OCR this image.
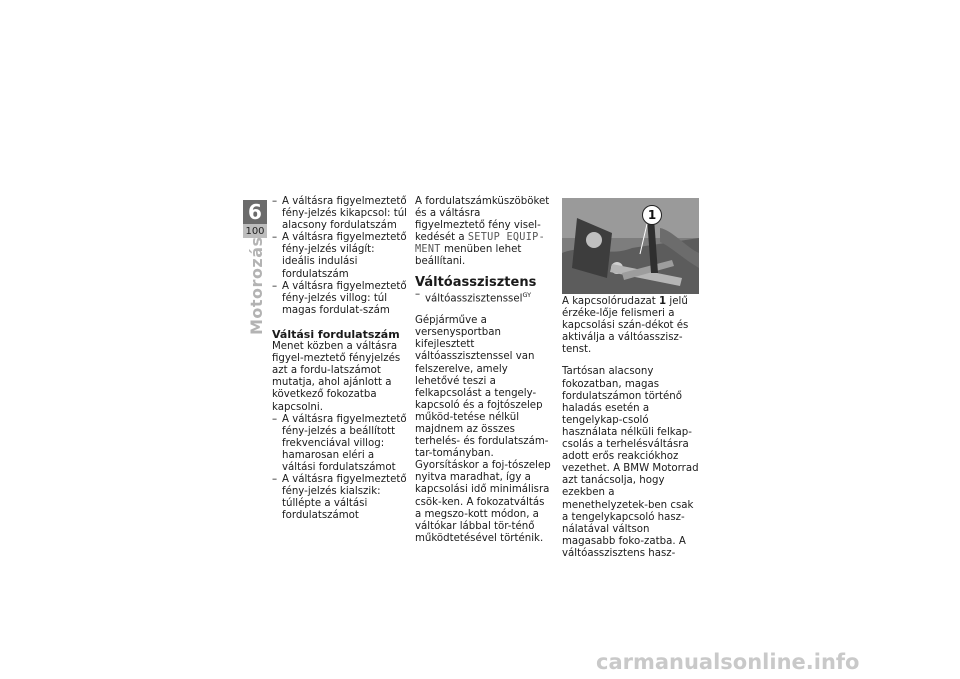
6
100
Motorozás
– A váltásra figyelmeztető fény-jelzés kikapcsol: túl alacsony fordulatszám
– A váltásra figyelmeztető fény-jelzés világít: ideális indulási fordulatszám
– A váltásra figyelmeztető fény-jelzés villog: túl magas fordulat-szám
Váltási fordulatszám

Menet közben a váltásra figyel-meztető fényjelzés azt a fordu-latszámot mutatja, ahol ajánlott a következő fokozatba kapcsolni.

– A váltásra figyelmeztető fény-jelzés a beállított frekvenciával villog: hamarosan eléri a váltási fordulatszámot
– A váltásra figyelmeztető fény-jelzés kialszik: túllépte a váltási fordulatszámot

A fordulatszámküszöböket és a váltásra figyelmeztető fény visel-kedését a SETUP EQUIP-MENT menüben lehet beállítani.

Váltóasszisztens
– váltóasszisztenssel$^{GY}$

Gépjárműve a versenysportban kifejlesztett váltóasszisztenssel van felszerelve, amely lehetővé teszi a felkapcsolást a tengely-kapcsoló és a fojtószelep működ-tetése nélkül majdnem az összes terhelés- és fordulatszám-tar-tományban. Gyorsításkor a foj-tószelep nyitva maradhat, így a kapcsolási idő minimálisra csök-ken. A fokozatváltás a megszo-kott módon, a váltókar lábbal tör-ténő működtetésével történik.

1

A kapcsolórudazat 1 jelű érzéke-lője felismeri a kapcsolási szán-dékot és aktiválja a váltóasszisz-tenst.

Tartósan alacsony fokozatban, magas fordulatszámon történő haladás esetén a tengelykap-csoló használata nélküli felkap-csolás a terhelésváltásra adott erős reakciókhoz vezethet. A BMW Motorrad azt tanácsolja, hogy ezekben a menethelyzetek-ben csak a tengelykapcsoló hasz-nálatával váltson magasabb foko-zatba. A váltóasszisztens hasz-

carmanualsonline.info
